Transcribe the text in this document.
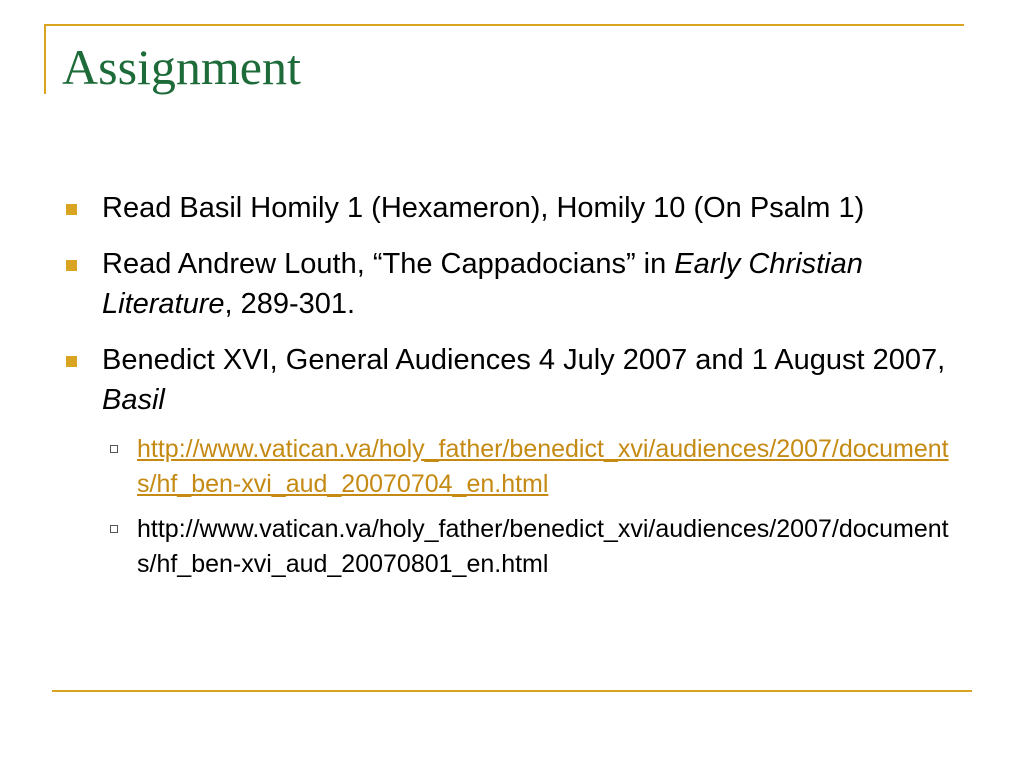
Assignment
Read Basil Homily 1 (Hexameron), Homily 10 (On Psalm 1)
Read Andrew Louth, “The Cappadocians” in Early Christian Literature, 289-301.
Benedict XVI, General Audiences 4 July 2007 and 1 August 2007, Basil
http://www.vatican.va/holy_father/benedict_xvi/audiences/2007/documents/hf_ben-xvi_aud_20070704_en.html
http://www.vatican.va/holy_father/benedict_xvi/audiences/2007/documents/hf_ben-xvi_aud_20070801_en.html
